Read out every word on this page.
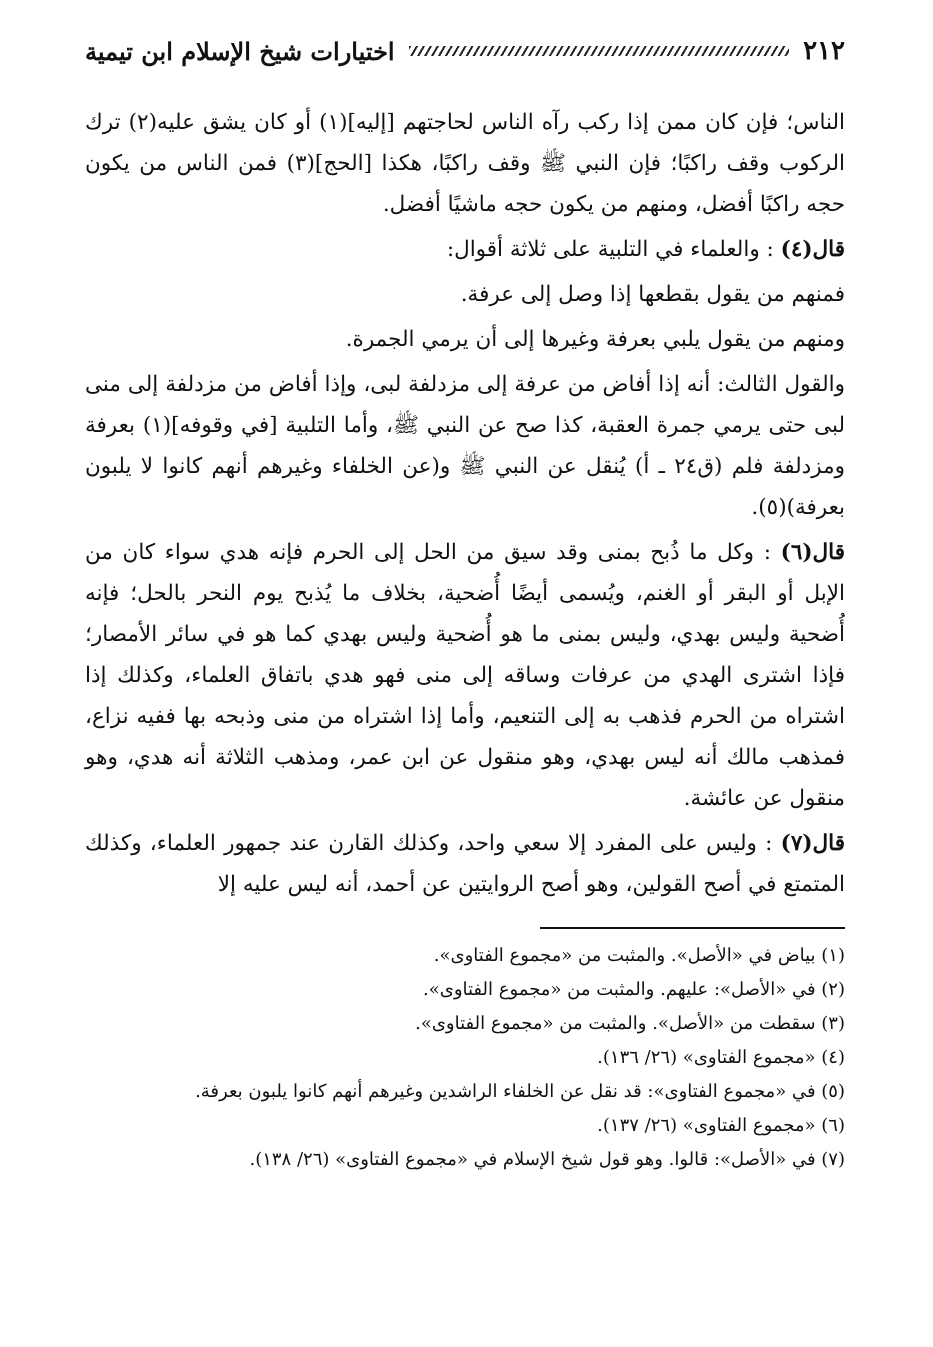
٢١٢
اختيارات شيخ الإسلام ابن تيمية

الناس؛ فإن كان ممن إذا ركب رآه الناس لحاجتهم [إليه](١) أو كان يشق عليه(٢) ترك الركوب وقف راكبًا؛ فإن النبي ﷺ وقف راكبًا، هكذا [الحج](٣) فمن الناس من يكون حجه راكبًا أفضل، ومنهم من يكون حجه ماشيًا أفضل.

قال(٤) : والعلماء في التلبية على ثلاثة أقوال:

فمنهم من يقول بقطعها إذا وصل إلى عرفة.

ومنهم من يقول يلبي بعرفة وغيرها إلى أن يرمي الجمرة.

والقول الثالث: أنه إذا أفاض من عرفة إلى مزدلفة لبى، وإذا أفاض من مزدلفة إلى منى لبى حتى يرمي جمرة العقبة، كذا صح عن النبي ﷺ، وأما التلبية [في وقوفه](١) بعرفة ومزدلفة فلم (ق٢٤ ـ أ) يُنقل عن النبي ﷺ و(عن الخلفاء وغيرهم أنهم كانوا لا يلبون بعرفة)(٥).

قال(٦) : وكل ما ذُبح بمنى وقد سيق من الحل إلى الحرم فإنه هدي سواء كان من الإبل أو البقر أو الغنم، ويُسمى أيضًا أُضحية، بخلاف ما يُذبح يوم النحر بالحل؛ فإنه أُضحية وليس بهدي، وليس بمنى ما هو أُضحية وليس بهدي كما هو في سائر الأمصار؛ فإذا اشترى الهدي من عرفات وساقه إلى منى فهو هدي باتفاق العلماء، وكذلك إذا اشتراه من الحرم فذهب به إلى التنعيم، وأما إذا اشتراه من منى وذبحه بها ففيه نزاع، فمذهب مالك أنه ليس بهدي، وهو منقول عن ابن عمر، ومذهب الثلاثة أنه هدي، وهو منقول عن عائشة.

قال(٧) : وليس على المفرد إلا سعي واحد، وكذلك القارن عند جمهور العلماء، وكذلك المتمتع في أصح القولين، وهو أصح الروايتين عن أحمد، أنه ليس عليه إلا

(١) بياض في «الأصل». والمثبت من «مجموع الفتاوى».
(٢) في «الأصل»: عليهم. والمثبت من «مجموع الفتاوى».
(٣) سقطت من «الأصل». والمثبت من «مجموع الفتاوى».
(٤) «مجموع الفتاوى» (٢٦/ ١٣٦).
(٥) في «مجموع الفتاوى»: قد نقل عن الخلفاء الراشدين وغيرهم أنهم كانوا يلبون بعرفة.
(٦) «مجموع الفتاوى» (٢٦/ ١٣٧).
(٧) في «الأصل»: قالوا. وهو قول شيخ الإسلام في «مجموع الفتاوى» (٢٦/ ١٣٨).
